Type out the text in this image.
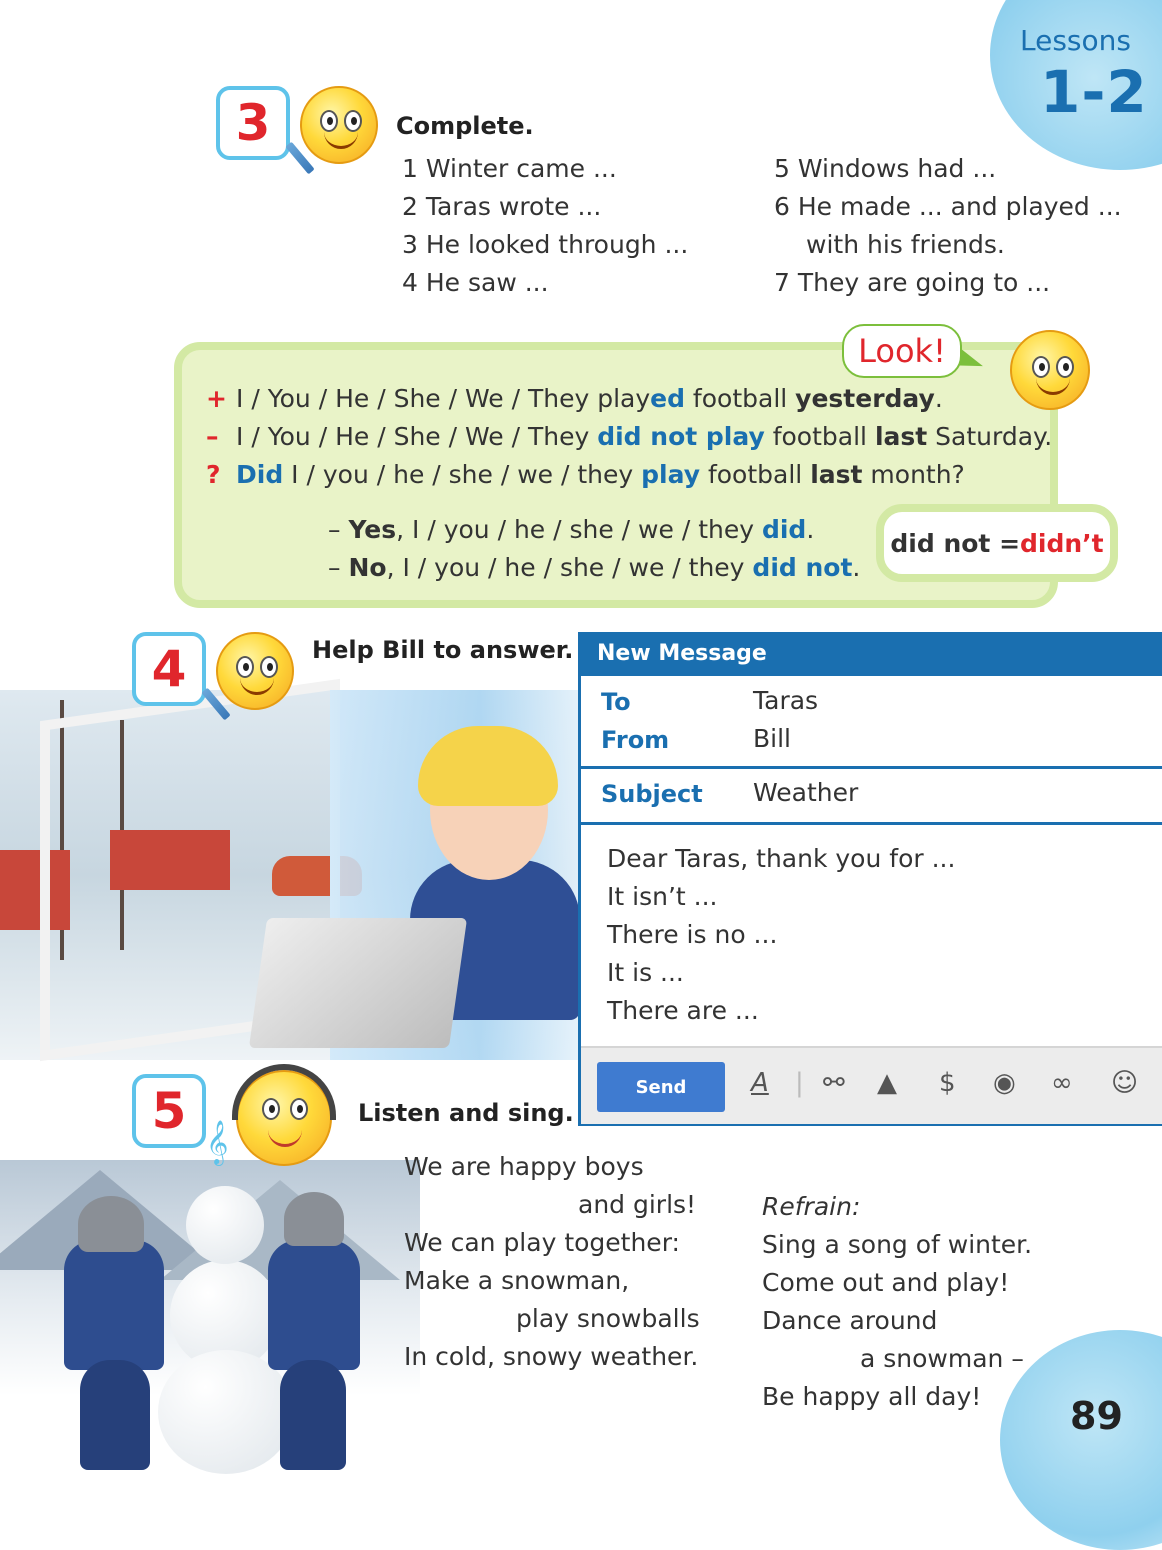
Lessons
1-2
3	Complete.
1 Winter came ...
2 Taras wrote ...
3 He looked through ...
4 He saw ...
5 Windows had ...
6 He made ... and played ...
with his friends.
7 They are going to ...
Look!
+ I / You / He / She / We / They played football yesterday.
– I / You / He / She / We / They did not play football last Saturday.
? Did I / you / he / she / we / they play football last month?
– Yes, I / you / he / she / we / they did.
– No, I / you / he / she / we / they did not.
did not = didn’t
4	Help Bill to answer.	New Message
To	Taras
From	Bill
Subject Weather
Dear Taras, thank you for ...
It isn’t ...
There is no ...
It is ...
There are ...
Send	A | ⚯ ▲ $ ◉ ∞ ☺
5
𝄞
Listen and sing.
We are happy boys
and girls!
We can play together:
Make a snowman,
play snowballs
In cold, snowy weather.
Refrain:
Sing a song of winter.
Come out and play!
Dance around
a snowman –
Be happy all day! 89
